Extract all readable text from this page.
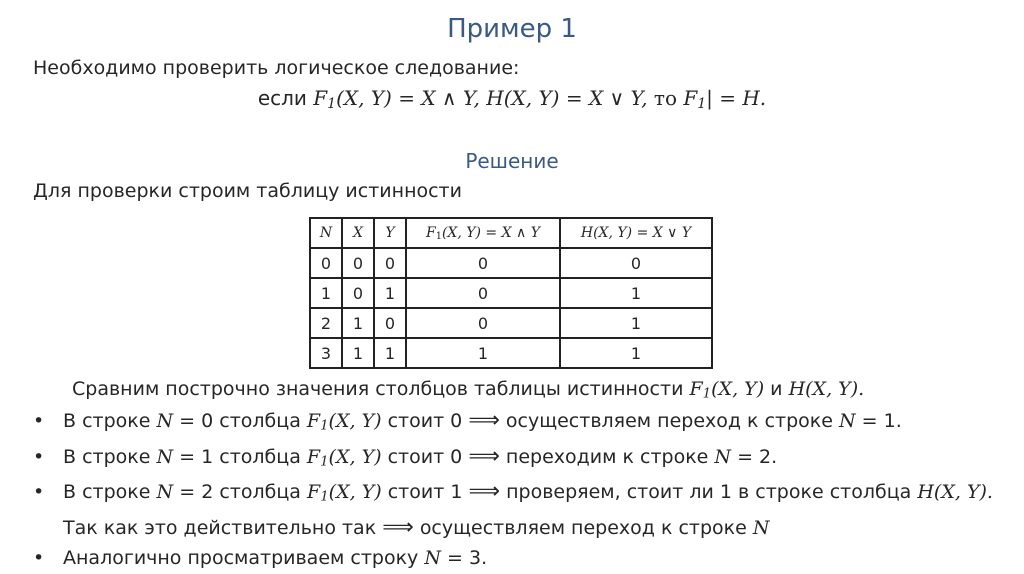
Пример 1
Необходимо проверить логическое следование:
если $F_1(X$, Y) = X ∧ Y, H(X, Y) = X ∨ Y, то $F_1| = H$.
Решение
Для проверки строим таблицу истинности
N	X	Y	$F_1(X$, Y) = X ∧ Y	H(X, Y) = X ∨ Y
0	0	0	0	0
1	0	1	0	1
2	1	0	0	1
3	1	1	1	1
Сравним построчно значения столбцов таблицы истинности $F_1(X$, Y) и H(X, Y).
• В строке N = 0 столбца $F_1(X$, Y) стоит 0 ⟹ осуществляем переход к строке N = 1.
• В строке N = 1 столбца $F_1(X$, Y) стоит 0 ⟹ переходим к строке N = 2.
• В строке N = 2 столбца $F_1(X$, Y) стоит 1 ⟹ проверяем, стоит ли 1 в строке столбца H(X, Y). Так как это действительно так ⟹ осуществляем переход к строке N
• Аналогично просматриваем строку N = 3.
